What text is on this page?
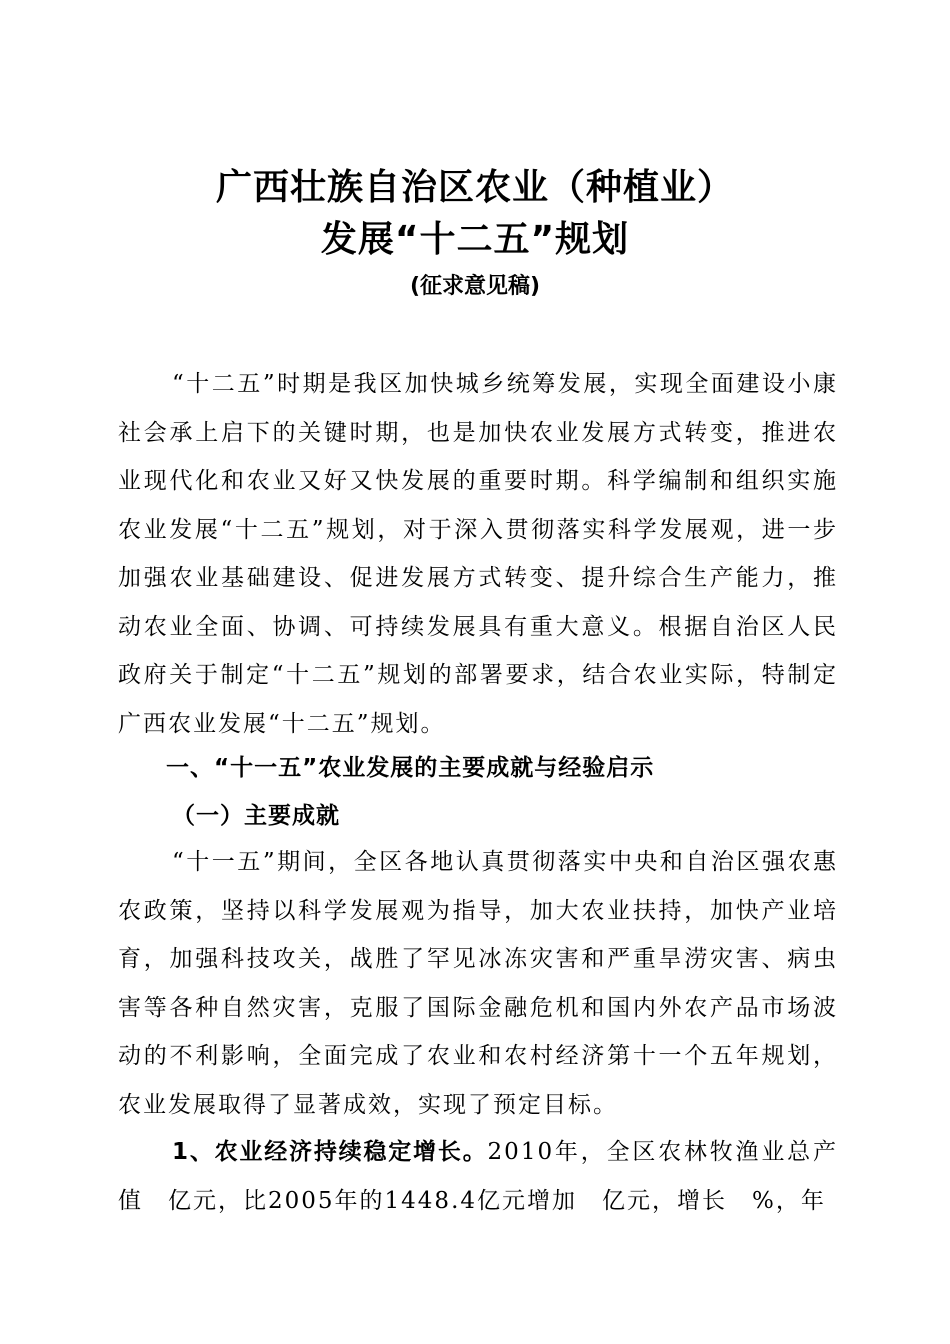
广西壮族自治区农业（种植业）
发展“十二五”规划
(征求意见稿)

“十二五”时期是我区加快城乡统筹发展，实现全面建设小康社会承上启下的关键时期，也是加快农业发展方式转变，推进农业现代化和农业又好又快发展的重要时期。科学编制和组织实施农业发展“十二五”规划，对于深入贯彻落实科学发展观，进一步加强农业基础建设、促进发展方式转变、提升综合生产能力，推动农业全面、协调、可持续发展具有重大意义。根据自治区人民政府关于制定“十二五”规划的部署要求，结合农业实际，特制定广西农业发展“十二五”规划。

一、“十一五”农业发展的主要成就与经验启示
（一）主要成就

“十一五”期间，全区各地认真贯彻落实中央和自治区强农惠农政策，坚持以科学发展观为指导，加大农业扶持，加快产业培育，加强科技攻关，战胜了罕见冰冻灾害和严重旱涝灾害、病虫害等各种自然灾害，克服了国际金融危机和国内外农产品市场波动的不利影响，全面完成了农业和农村经济第十一个五年规划，农业发展取得了显著成效，实现了预定目标。

1、农业经济持续稳定增长。2010年，全区农林牧渔业总产值　亿元，比2005年的1448.4亿元增加　亿元，增长　%，年
